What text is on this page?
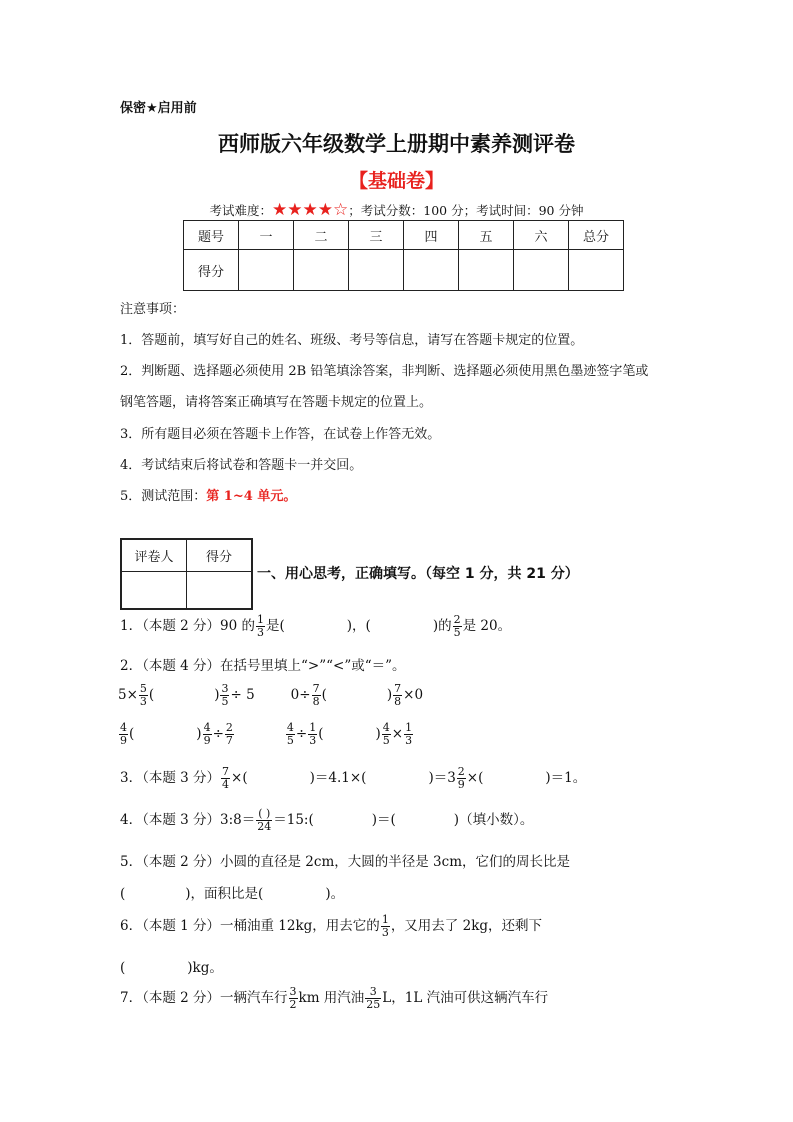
保密★启用前
西师版六年级数学上册期中素养测评卷
【基础卷】
考试难度：★★★★☆；考试分数：100 分；考试时间：90 分钟
题号	一	二	三	四	五	六	总分
得分							
注意事项：
1．答题前，填写好自己的姓名、班级、考号等信息，请写在答题卡规定的位置。
2．判断题、选择题必须使用 2B 铅笔填涂答案，非判断、选择题必须使用黑色墨迹签字笔或
钢笔答题，请将答案正确填写在答题卡规定的位置上。
3．所有题目必须在答题卡上作答，在试卷上作答无效。
4．考试结束后将试卷和答题卡一并交回。
5．测试范围：第 1~4 单元。
评卷人	得分

一、用心思考，正确填写。（每空 1 分，共 21 分）
1．（本题 2 分）90 的 $\frac{1}{3}$ 是(	)，(	)的 $\frac{2}{5}$ 是 20。
2．（本题 4 分）在括号里填上“>”“<”或“＝”。
$5\times \frac{5}{3}$ (	) $\frac{3}{5} \div 5$	$0\div \frac{7}{8}$ (	) $\frac{7}{8} \times 0$
$\frac{4}{9}$ (	) $\frac{4}{9} \div \frac{2}{7}$	$\frac{4}{5} \div \frac{1}{3}$ (	) $\frac{4}{5} \times \frac{1}{3}$
3．（本题 3 分） $\frac{7}{4}$ ×(	)＝4.1×(	)$=3 \frac{2}{9}$ ×(	)＝1。
4．（本题 3 分）3:8＝ $\frac{( )}{24}$ ＝15:(	)＝(	)（填小数）。
5．（本题 2 分）小圆的直径是 2cm，大圆的半径是 3cm，它们的周长比是
(	)，面积比是(	)。
6．（本题 1 分）一桶油重 12kg，用去它的 $\frac{1}{3}$ ，又用去了 2kg，还剩下
(	)kg。
7．（本题 2 分）一辆汽车行 $\frac{3}{2}$ km 用汽油 $\frac{3}{25}$ L，1L 汽油可供这辆汽车行
